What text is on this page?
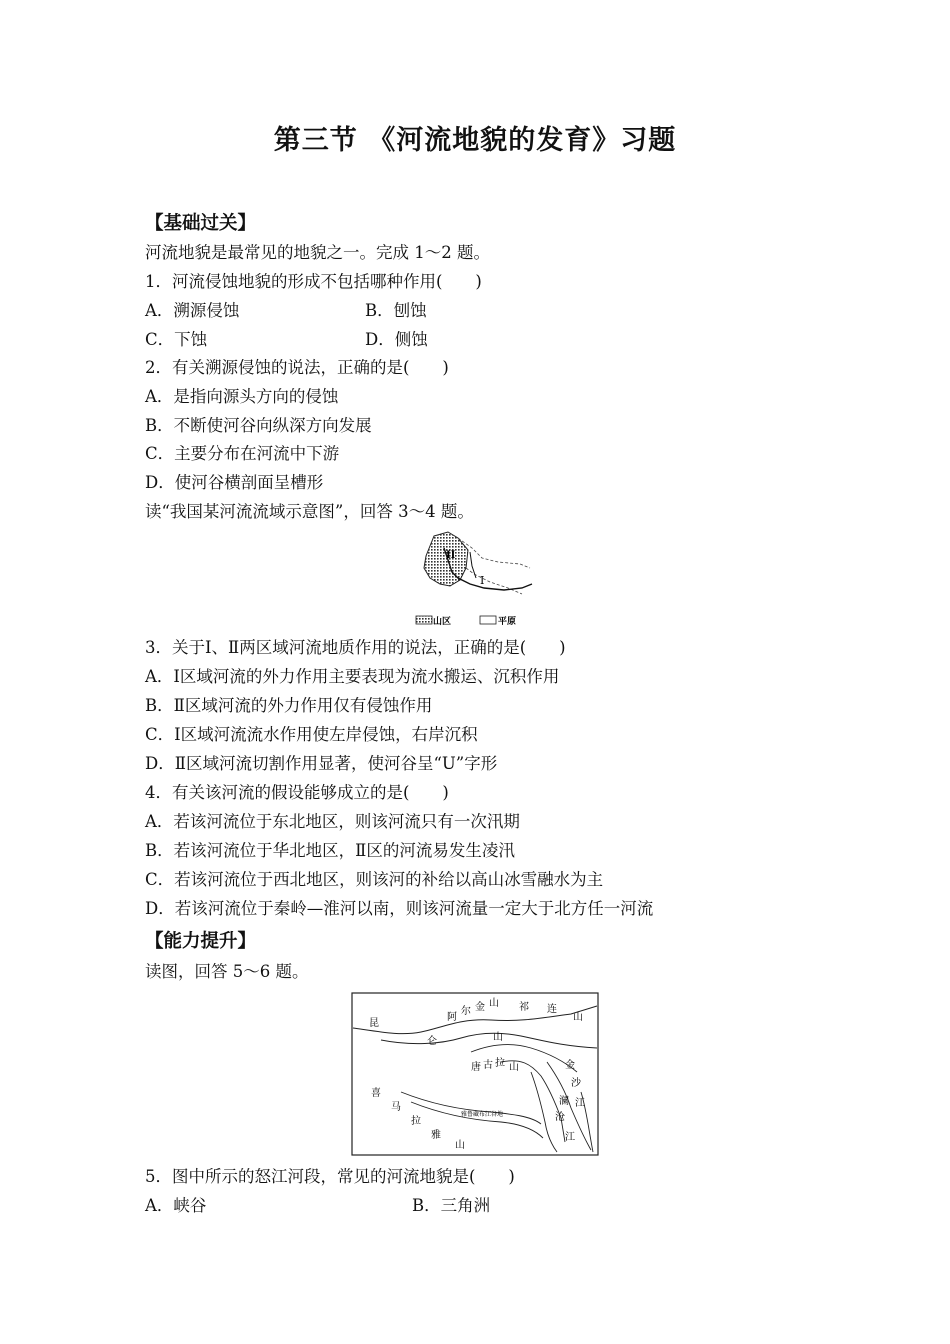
第三节 《河流地貌的发育》习题
【基础过关】
河流地貌是最常见的地貌之一。完成 1～2 题。
1．河流侵蚀地貌的形成不包括哪种作用(　　)
A．溯源侵蚀	B．刨蚀
C．下蚀	D．侧蚀
2．有关溯源侵蚀的说法，正确的是(　　)
A．是指向源头方向的侵蚀
B．不断使河谷向纵深方向发展
C．主要分布在河流中下游
D．使河谷横剖面呈槽形
读“我国某河流流域示意图”，回答 3～4 题。
II
I
山区	平原
3．关于Ⅰ、Ⅱ两区域河流地质作用的说法，正确的是(　　)
A．Ⅰ区域河流的外力作用主要表现为流水搬运、沉积作用
B．Ⅱ区域河流的外力作用仅有侵蚀作用
C．Ⅰ区域河流流水作用使左岸侵蚀，右岸沉积
D．Ⅱ区域河流切割作用显著，使河谷呈“U”字形
4．有关该河流的假设能够成立的是(　　)
A．若该河流位于东北地区，则该河流只有一次汛期
B．若该河流位于华北地区，Ⅱ区的河流易发生凌汛
C．若该河流位于西北地区，则该河的补给以高山冰雪融水为主
D．若该河流位于秦岭—淮河以南，则该河流量一定大于北方任一河流
【能力提升】
读图，回答 5～6 题。
昆
阿
尔 金 山 祁 连
山
仑	山
唐 古 拉 山	金
沙
喜
马
拉
雅
山
澜 江
沧
江
雅鲁藏布江谷地
5．图中所示的怒江河段，常见的河流地貌是(　　)
A．峡谷	B．三角洲
